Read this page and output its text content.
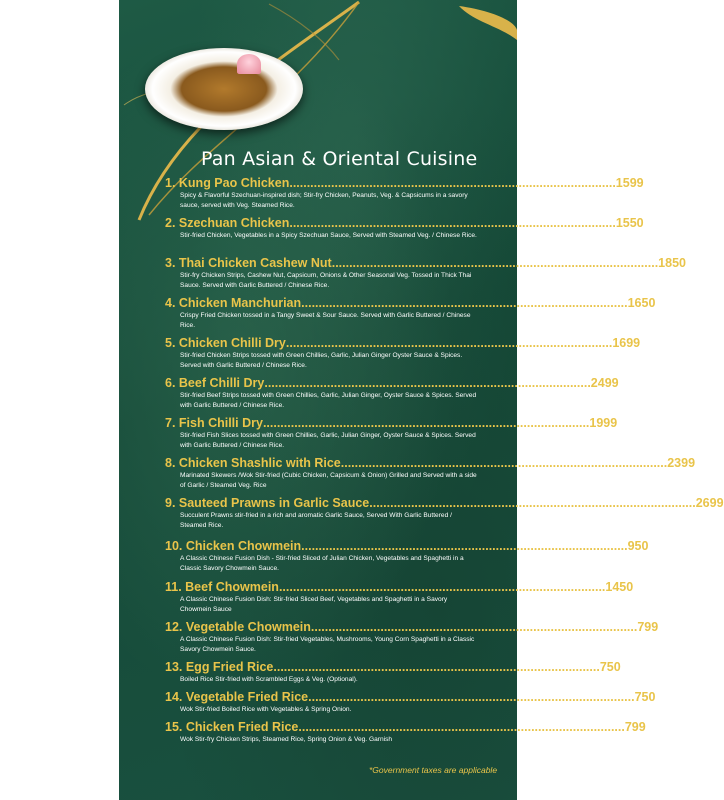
Pan Asian & Oriental Cuisine
1. Kung Pao Chicken .............................................................................................. 1599
Spicy & Flavorful Szechuan-inspired dish; Stir-fry Chicken, Peanuts, Veg. & Capsicums in a savory sauce, served with Veg. Steamed Rice.
2. Szechuan Chicken .............................................................................................. 1550
Stir-fried Chicken, Vegetables in a Spicy Szechuan Sauce, Served with Steamed Veg. / Chinese Rice.
3. Thai Chicken Cashew Nut .............................................................................................. 1850
Stir-fry Chicken Strips, Cashew Nut, Capsicum, Onions & Other Seasonal Veg. Tossed in Thick Thai Sauce. Served with Garlic Buttered / Chinese Rice.
4. Chicken Manchurian .............................................................................................. 1650
Crispy Fried Chicken tossed in a Tangy Sweet & Sour Sauce. Served with Garlic Buttered / Chinese Rice.
5. Chicken Chilli Dry .............................................................................................. 1699
Stir-fried Chicken Strips tossed with Green Chillies, Garlic, Julian Ginger Oyster Sauce & Spices. Served with Garlic Buttered / Chinese Rice.
6. Beef Chilli Dry .............................................................................................. 2499
Stir-fried Beef Strips tossed with Green Chillies, Garlic, Julian Ginger, Oyster Sauce & Spices. Served with Garlic Buttered / Chinese Rice.
7. Fish Chilli Dry .............................................................................................. 1999
Stir-fried Fish Slices tossed with Green Chillies, Garlic, Julian Ginger, Oyster Sauce & Spices. Served with Garlic Buttered / Chinese Rice.
8. Chicken Shashlic with Rice .............................................................................................. 2399
Marinated Skewers /Wok Stir-fried (Cubic Chicken, Capsicum & Onion) Grilled and Served with a side of Garlic / Steamed Veg. Rice
9. Sauteed Prawns in Garlic Sauce .............................................................................................. 2699
Succulent Prawns stir-fried in a rich and aromatic Garlic Sauce, Served With Garlic Buttered / Steamed Rice.
10. Chicken Chowmein .............................................................................................. 950
A Classic Chinese Fusion Dish - Stir-fried Sliced of Julian Chicken, Vegetables and Spaghetti in a Classic Savory Chowmein Sauce.
11. Beef Chowmein .............................................................................................. 1450
A Classic Chinese Fusion Dish: Stir-fried Sliced Beef, Vegetables and Spaghetti in a Savory Chowmein Sauce
12. Vegetable Chowmein .............................................................................................. 799
A Classic Chinese Fusion Dish: Stir-fried Vegetables, Mushrooms, Young Corn Spaghetti in a Classic Savory Chowmein Sauce.
13. Egg Fried Rice .............................................................................................. 750
Boiled Rice Stir-fried with Scrambled Eggs & Veg. (Optional).
14. Vegetable Fried Rice .............................................................................................. 750
Wok Stir-fried Boiled Rice with Vegetables & Spring Onion.
15. Chicken Fried Rice .............................................................................................. 799
Wok Stir-fry Chicken Strips, Steamed Rice, Spring Onion & Veg. Garnish
*Government taxes are applicable
